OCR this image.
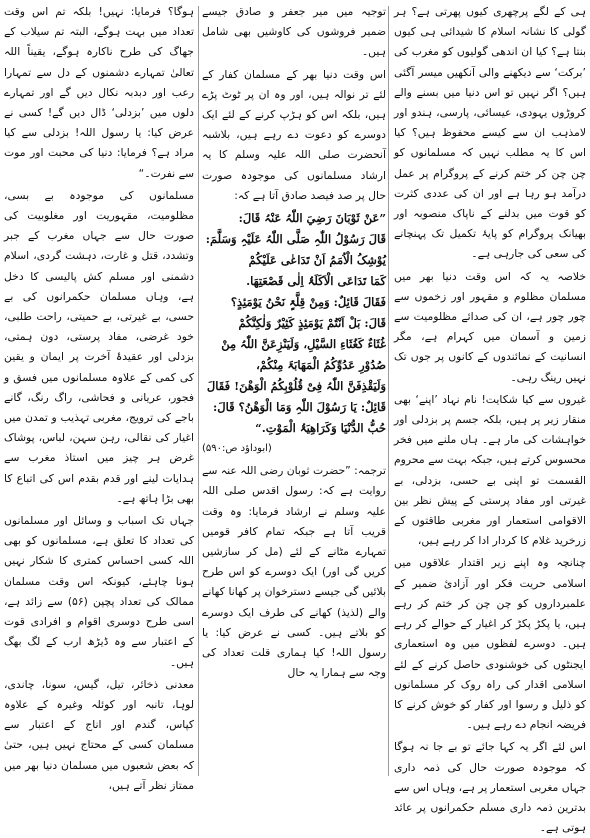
ہی کے لگے پرچھری کیوں پھرتی ہے؟ ہر گولی کا نشانہ اسلام کا شیدائی ہی کیوں بنتا ہے؟ کیا ان اندھی گولیوں کو مغرب کی ’برکت‘ سے دیکھنے والی آنکھیں میسر آگئی ہیں؟ اگر نہیں تو اس دنیا میں بسنے والے کروڑوں یہودی، عیسائی، پارسی، ہندو اور لامذہب ان سے کیسے محفوظ ہیں؟ کیا اس کا یہ مطلب نہیں کہ مسلمانوں کو چن چن کر ختم کرنے کے پروگرام پر عمل درآمد ہو رہا ہے اور ان کی عددی کثرت کو قوت میں بدلنے کے ناپاک منصوبہ اور بھیانک پروگرام کو پایۂ تکمیل تک پہنچانے کی سعی کی جارہی ہے۔

خلاصہ یہ کہ اس وقت دنیا بھر میں مسلمان مظلوم و مقہور اور زخموں سے چور چور ہے، ان کی صدائے مظلومیت سے زمین و آسمان میں کہرام ہے، مگر انسانیت کے نمائندوں کے کانوں پر جوں تک نہیں رینگ رہی۔

غیروں سے کیا شکایت! نام نہاد ’اپنے‘ بھی منقار زیر پر ہیں، بلکہ جسم پر بزدلی اور خواہشات کی مار ہے۔ ہاں ملنے میں فخر محسوس کرتے ہیں، جبکہ بہت سے محروم القسمت تو اپنی بے حسی، بزدلی، بے غیرتی اور مفاد پرستی کے پیش نظر بین الاقوامی استعمار اور مغربی طاقتوں کے زرخرید غلام کا کردار ادا کر رہے ہیں،

چنانچہ وہ اپنے زیر اقتدار علاقوں میں اسلامی حریت فکر اور آزادئ ضمیر کے علمبرداروں کو چن چن کر ختم کر رہے ہیں، یا پکڑ پکڑ کر اغیار کے حوالے کر رہے ہیں۔ دوسرے لفظوں میں وہ استعماری ایجنٹوں کی خوشنودی حاصل کرنے کے لئے اسلامی اقدار کی راہ روک کر مسلمانوں کو ذلیل و رسوا اور کفار کو خوش کرنے کا فریضہ انجام دے رہے ہیں۔

اس لئے اگر یہ کہا جائے تو بے جا نہ ہوگا کہ موجودہ صورت حال کی ذمہ داری جہاں مغربی استعمار پر ہے، وہاں اس سے بدترین ذمہ داری مسلم حکمرانوں پر عائد ہوتی ہے۔

توجیہ میں میر جعفر و صادق جیسے ضمیر فروشوں کی کاوشیں بھی شامل ہیں۔

اس وقت دنیا بھر کے مسلمان کفار کے لئے تر نوالہ ہیں، اور وہ ان پر ٹوٹ پڑے ہیں، بلکہ اس کو ہڑپ کرنے کے لئے ایک دوسرے کو دعوت دے رہے ہیں، بلاشبہ آنحضرت صلی اللہ علیہ وسلم کا یہ ارشاد مسلمانوں کی موجودہ صورت حال پر صد فیصد صادق آتا ہے کہ:

”عَنْ ثَوْبَانَ رَضِيَ اللّٰہُ عَنْہُ قَالَ:

قَالَ رَسُوْلُ اللّٰہِ صَلَّی اللّٰہُ عَلَیْہِ وَسَلَّمَ:

یُوْشِکُ الْاُمَمُ اَنْ تَدَاعٰی عَلَیْکُمْ

کَمَا تَدَاعَی الْاَکَلَۃُ اِلٰی قَصْعَتِھَا.

فَقَالَ قَائِلٌ: وَمِنْ قِلَّۃٍ نَحْنُ یَوْمَئِذٍ؟

قَالَ: بَلْ اَنْتُمْ یَوْمَئِذٍ کَثِیْرٌ وَلٰکِنَّکُمْ

غُثَاءٌ کَغُثَاءِ السَّیْلِ، وَلَیَنْزِعَنَّ اللّٰہُ مِنْ

صُدُوْرِ عَدُوِّکُمُ الْمَھَابَۃَ مِنْکُمْ،

وَلَیَقْذِفَنَّ اللّٰہُ فِیْ قُلُوْبِکُمُ الْوَھْنَ! فَقَالَ

قَائِلٌ: یَا رَسُوْلَ اللّٰہِ وَمَا الْوَھْنُ؟ قَالَ:

حُبُّ الدُّنْیَا وَکَرَاھِیَۃُ الْمَوْتِ.“

(ابوداؤد ص:۵۹۰)

ترجمہ: ”حضرت ثوبان رضی اللہ عنہ سے روایت ہے کہ: رسول اقدس صلی اللہ علیہ وسلم نے ارشاد فرمایا: وہ وقت قریب آتا ہے جبکہ تمام کافر قومیں تمہارے مٹانے کے لئے (مل کر سازشیں کریں گی اور) ایک دوسرے کو اس طرح بلائیں گی جیسے دسترخوان پر کھانا کھانے والے (لذیذ) کھانے کی طرف ایک دوسرے کو بلاتے ہیں۔ کسی نے عرض کیا: یا رسول اللہ! کیا ہماری قلت تعداد کی وجہ سے ہمارا یہ حال

ہوگا؟ فرمایا: نہیں! بلکہ تم اس وقت تعداد میں بہت ہوگے، البتہ تم سیلاب کے جھاگ کی طرح ناکارہ ہوگے، یقیناً اللہ تعالیٰ تمہارے دشمنوں کے دل سے تمہارا رعب اور دبدبہ نکال دیں گے اور تمہارے دلوں میں ’بزدلی‘ ڈال دیں گے! کسی نے عرض کیا: یا رسول اللہ! بزدلی سے کیا مراد ہے؟ فرمایا: دنیا کی محبت اور موت سے نفرت۔“

مسلمانوں کی موجودہ بے بسی، مظلومیت، مقہوریت اور مغلوبیت کی صورت حال سے جہاں مغرب کے جبر وتشدد، قتل و غارت، دہشت گردی، اسلام دشمنی اور مسلم کش پالیسی کا دخل ہے، وہاں مسلمان حکمرانوں کی بے حسی، بے غیرتی، بے حمیتی، راحت طلبی، خود غرضی، مفاد پرستی، دون ہمتی، بزدلی اور عقیدۂ آخرت پر ایمان و یقین کی کمی کے علاوہ مسلمانوں میں فسق و فجور، عریانی و فحاشی، راگ رنگ، گانے باجے کی ترویج، مغربی تہذیب و تمدن میں اغیار کی نقالی، رہن سہن، لباس، پوشاک غرض ہر چیز میں استاذ مغرب سے ہدایات لینے اور قدم بقدم اس کی اتباع کا بھی بڑا ہاتھ ہے۔

جہاں تک اسباب و وسائل اور مسلمانوں کی تعداد کا تعلق ہے، مسلمانوں کو بھی اللہ کسی احساس کمتری کا شکار نہیں ہونا چاہئے، کیونکہ اس وقت مسلمان ممالک کی تعداد پچپن (۵۶) سے زائد ہے، اسی طرح دوسری اقوام و افرادی قوت کے اعتبار سے وہ ڈیڑھ ارب کے لگ بھگ ہیں۔

معدنی ذخائر، تیل، گیس، سونا، چاندی، لوہا، تانبہ اور کوئلہ وغیرہ کے علاوہ کپاس، گندم اور اناج کے اعتبار سے مسلمان کسی کے محتاج نہیں ہیں، حتیٰ کہ بعض شعبوں میں مسلمان دنیا بھر میں ممتاز نظر آتے ہیں،
